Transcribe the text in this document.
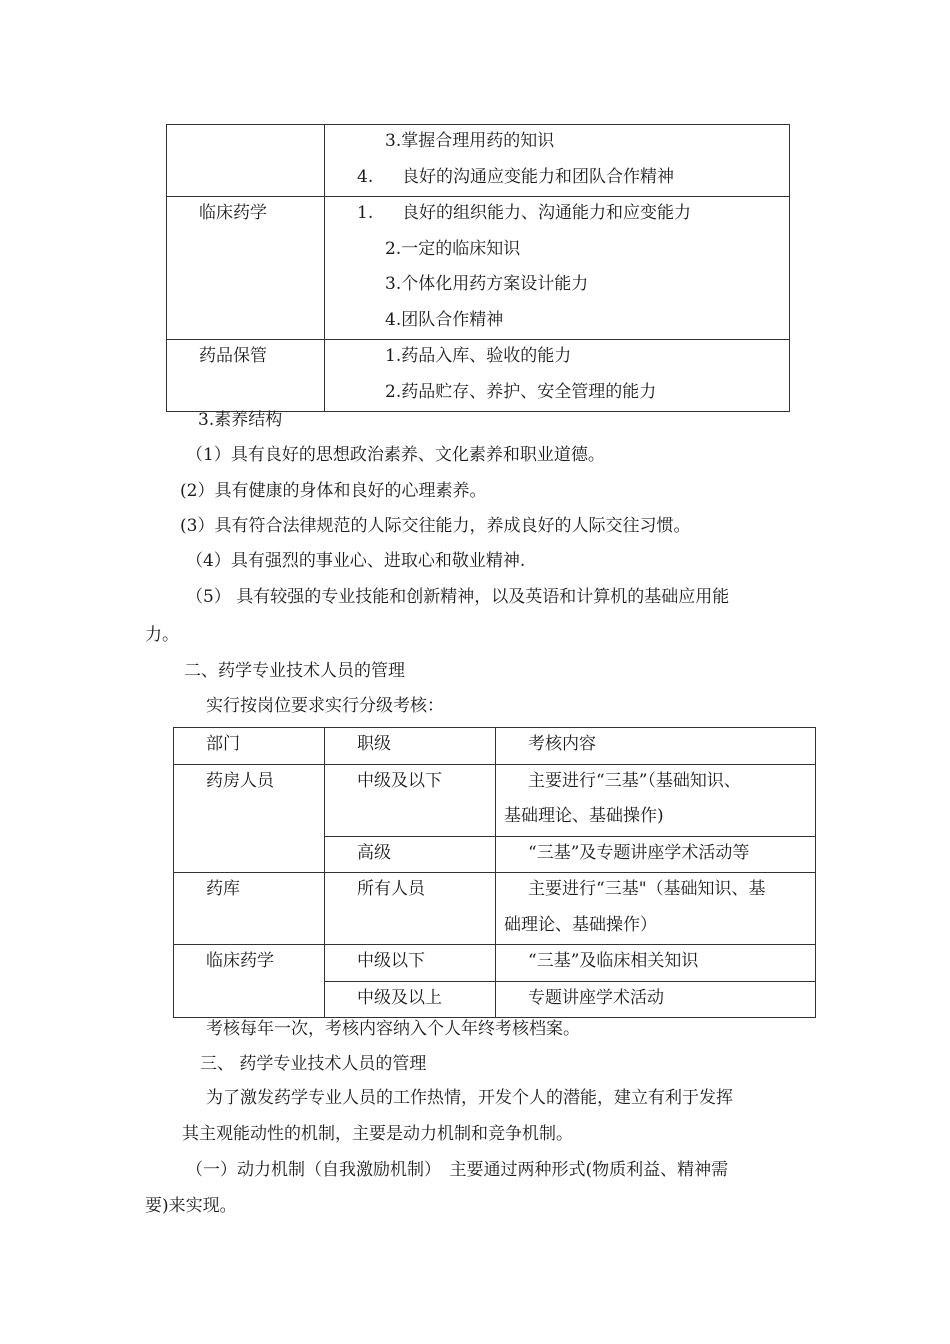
	3.掌握合理用药的知识
4. 良好的沟通应变能力和团队合作精神

临床药学	1. 良好的组织能力、沟通能力和应变能力
2.一定的临床知识
3.个体化用药方案设计能力
4.团队合作精神

药品保管	1.药品入库、验收的能力
2.药品贮存、养护、安全管理的能力
3.素养结构
（1）具有良好的思想政治素养、文化素养和职业道德。
(2）具有健康的身体和良好的心理素养。
(3）具有符合法律规范的人际交往能力，养成良好的人际交往习惯。
（4）具有强烈的事业心、进取心和敬业精神.
（5） 具有较强的专业技能和创新精神，以及英语和计算机的基础应用能
力。
二、药学专业技术人员的管理
实行按岗位要求实行分级考核：
部门	职级	考核内容

药房人员	中级及以下	主要进行“三基”（基础知识、
基础理论、基础操作)

	高级	“三基”及专题讲座学术活动等

药库	所有人员	主要进行“三基"（基础知识、基
础理论、基础操作）

临床药学	中级以下	“三基”及临床相关知识

	中级及以上	专题讲座学术活动
考核每年一次，考核内容纳入个人年终考核档案。
三、 药学专业技术人员的管理
为了激发药学专业人员的工作热情，开发个人的潜能，建立有利于发挥
其主观能动性的机制，主要是动力机制和竞争机制。
（一）动力机制（自我激励机制）　主要通过两种形式(物质利益、精神需
要)来实现。
